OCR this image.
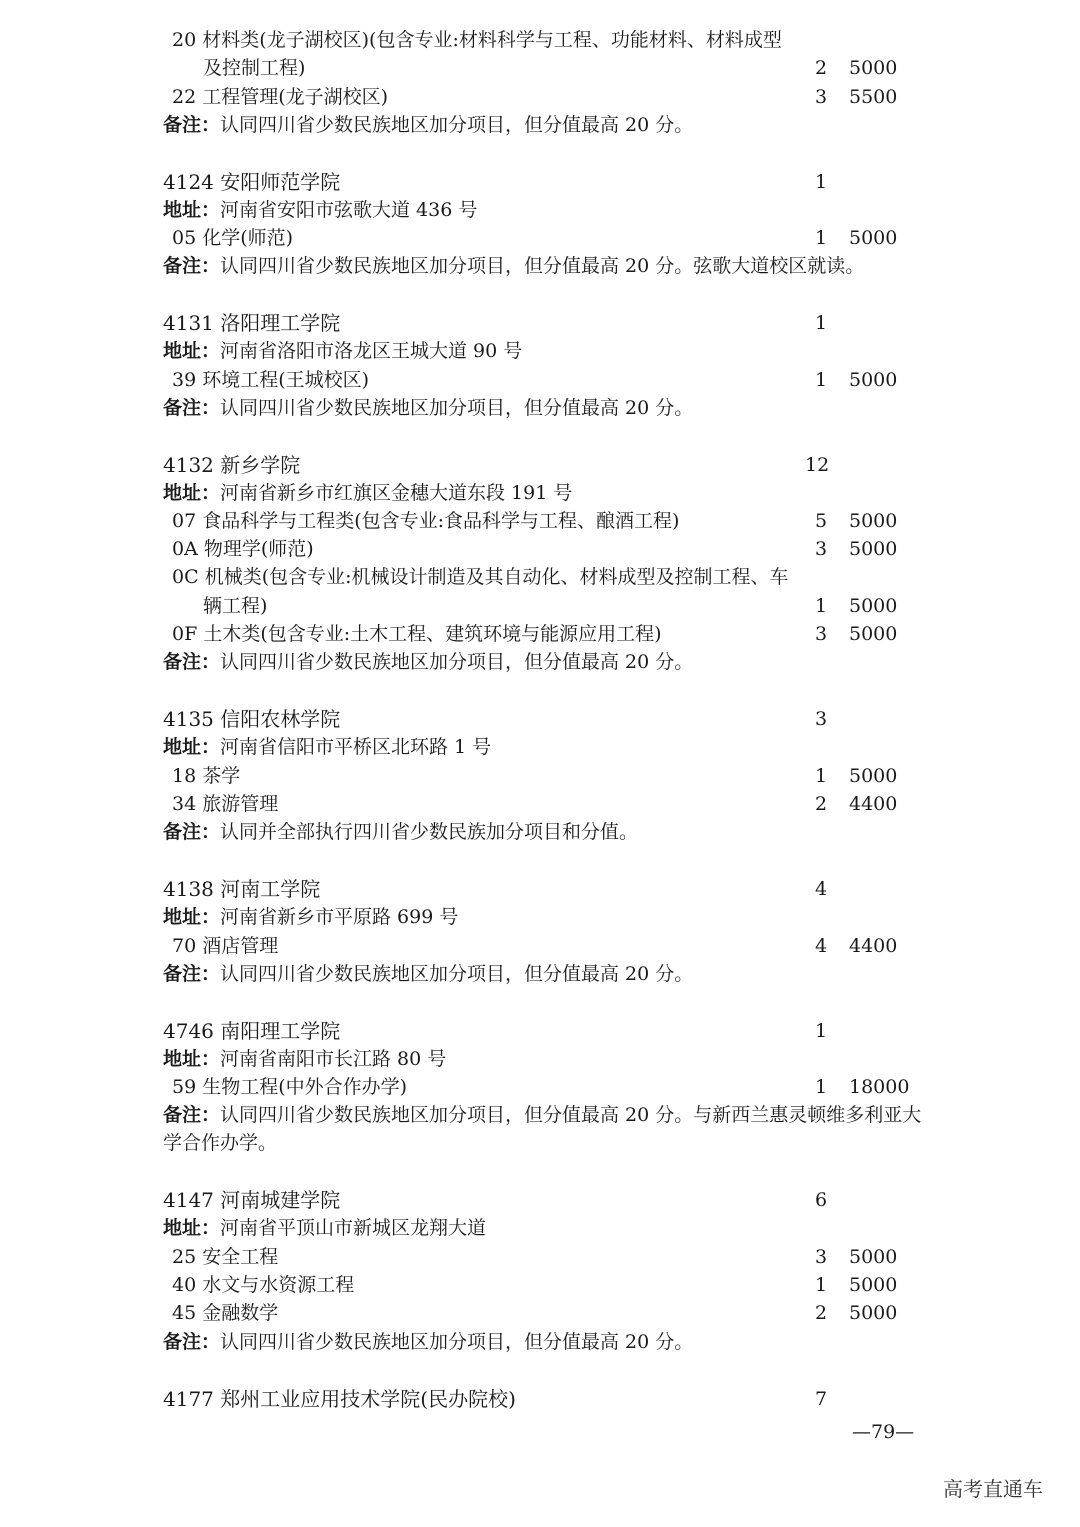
20 材料类(龙子湖校区)(包含专业:材料科学与工程、功能材料、材料成型
及控制工程)	2 5000
22 工程管理(龙子湖校区)	3 5500
备注：认同四川省少数民族地区加分项目，但分值最高 20 分。
4124 安阳师范学院	1
地址：河南省安阳市弦歌大道 436 号
05 化学(师范)	1 5000
备注：认同四川省少数民族地区加分项目，但分值最高 20 分。弦歌大道校区就读。
4131 洛阳理工学院	1
地址：河南省洛阳市洛龙区王城大道 90 号
39 环境工程(王城校区)	1 5000
备注：认同四川省少数民族地区加分项目，但分值最高 20 分。
4132 新乡学院	12
地址：河南省新乡市红旗区金穗大道东段 191 号
07 食品科学与工程类(包含专业:食品科学与工程、酿酒工程)	5 5000
0A 物理学(师范)	3 5000
0C 机械类(包含专业:机械设计制造及其自动化、材料成型及控制工程、车
辆工程)	1 5000
0F 土木类(包含专业:土木工程、建筑环境与能源应用工程)	3 5000
备注：认同四川省少数民族地区加分项目，但分值最高 20 分。
4135 信阳农林学院	3
地址：河南省信阳市平桥区北环路 1 号
18 茶学	1 5000
34 旅游管理	2 4400
备注：认同并全部执行四川省少数民族加分项目和分值。
4138 河南工学院	4
地址：河南省新乡市平原路 699 号
70 酒店管理	4 4400
备注：认同四川省少数民族地区加分项目，但分值最高 20 分。
4746 南阳理工学院	1
地址：河南省南阳市长江路 80 号
59 生物工程(中外合作办学)	1 18000
备注：认同四川省少数民族地区加分项目，但分值最高 20 分。与新西兰惠灵顿维多利亚大
学合作办学。
4147 河南城建学院	6
地址：河南省平顶山市新城区龙翔大道
25 安全工程	3 5000
40 水文与水资源工程	1 5000
45 金融数学	2 5000
备注：认同四川省少数民族地区加分项目，但分值最高 20 分。
4177 郑州工业应用技术学院(民办院校)	7
—79—
高考直通车
